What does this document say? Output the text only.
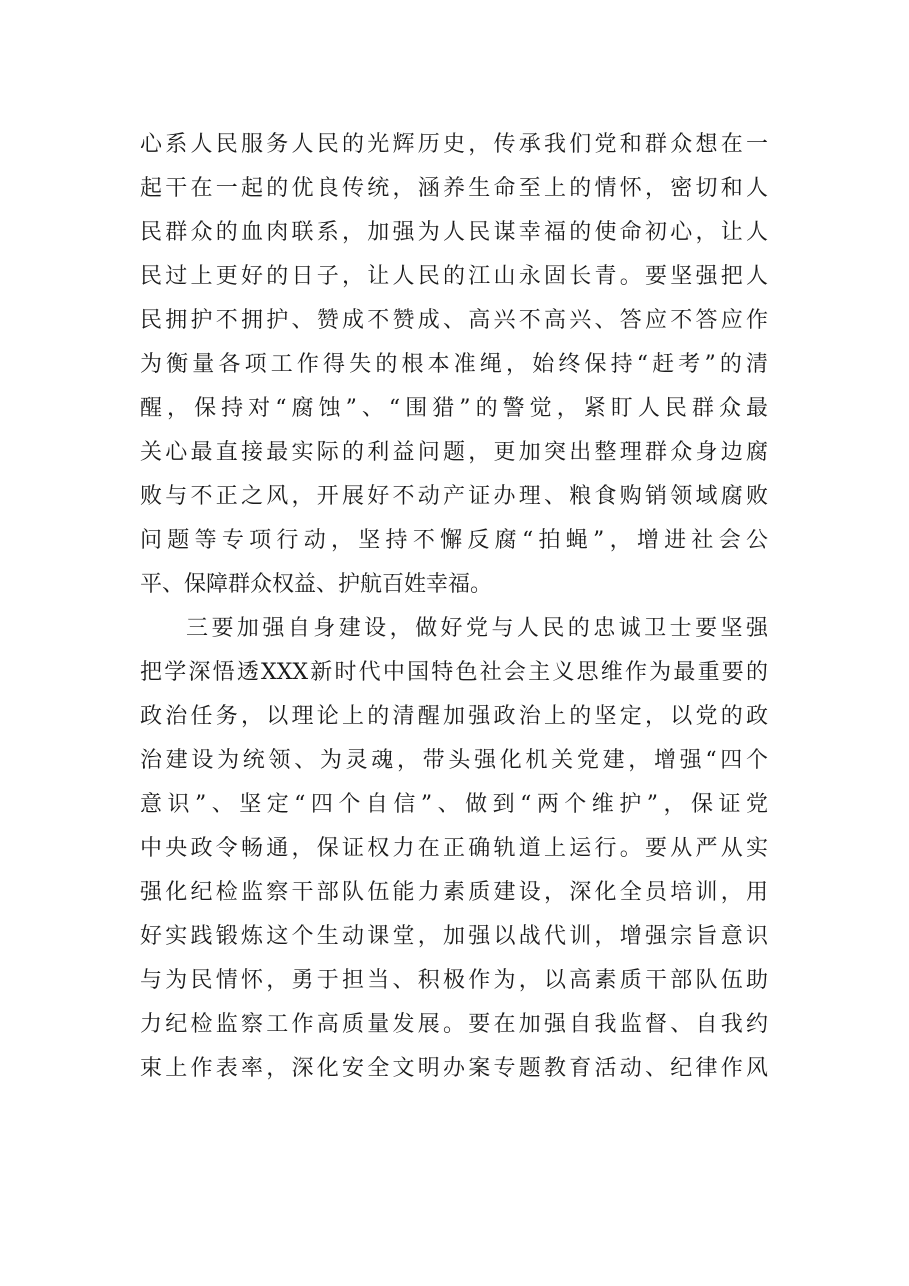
心系人民服务人民的光辉历史，传承我们党和群众想在一
起干在一起的优良传统，涵养生命至上的情怀，密切和人
民群众的血肉联系，加强为人民谋幸福的使命初心，让人
民过上更好的日子，让人民的江山永固长青。要坚强把人
民拥护不拥护、赞成不赞成、高兴不高兴、答应不答应作
为衡量各项工作得失的根本准绳，始终保持“赶考”的清
醒，保持对“腐蚀”、“围猎”的警觉，紧盯人民群众最
关心最直接最实际的利益问题，更加突出整理群众身边腐
败与不正之风，开展好不动产证办理、粮食购销领域腐败
问题等专项行动，坚持不懈反腐“拍蝇”，增进社会公
平、保障群众权益、护航百姓幸福。
三要加强自身建设，做好党与人民的忠诚卫士要坚强
把学深悟透XXX新时代中国特色社会主义思维作为最重要的
政治任务，以理论上的清醒加强政治上的坚定，以党的政
治建设为统领、为灵魂，带头强化机关党建，增强“四个
意识”、坚定“四个自信”、做到“两个维护”，保证党
中央政令畅通，保证权力在正确轨道上运行。要从严从实
强化纪检监察干部队伍能力素质建设，深化全员培训，用
好实践锻炼这个生动课堂，加强以战代训，增强宗旨意识
与为民情怀，勇于担当、积极作为，以高素质干部队伍助
力纪检监察工作高质量发展。要在加强自我监督、自我约
束上作表率，深化安全文明办案专题教育活动、纪律作风
